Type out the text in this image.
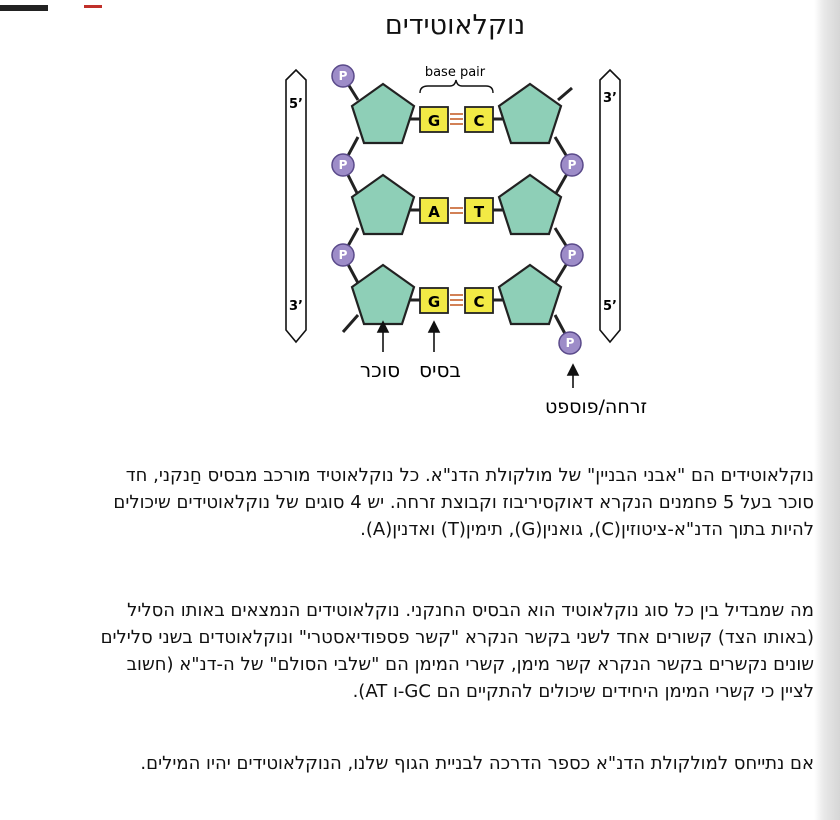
נוקלאוטידים
5’
3’
3’
5’
G C
A T
G C
P
P
P
P
P
P
base pair
סוכר בסיס
זרחה/פוספט

נוקלאוטידים הם "אבני הבניין" של מולקולת הדנ"א. כל נוקלאוטיד מורכב מבסיס חַנקני, חד סוכר בעל 5 פחמנים הנקרא דאוקסיריבוז וקבוצת זרחה. יש 4 סוגים של נוקלאוטידים שיכולים להיות בתוך הדנ"א-ציטוזין(C), גואנין(G), תימין(T) ואדנין(A).

מה שמבדיל בין כל סוג נוקלאוטיד הוא הבסיס החנקני. נוקלאוטידים הנמצאים באותו הסליל (באותו הצד) קשורים אחד לשני בקשר הנקרא "קשר פספודיאסטרי" ונוקלאוטדים בשני סלילים שונים נקשרים בקשר הנקרא קשר מימן, קשרי המימן הם "שלבי הסולם" של ה-דנ"א (חשוב לציין כי קשרי המימן היחידים שיכולים להתקיים הם GC-ו AT).

אם נתייחס למולקולת הדנ"א כספר הדרכה לבניית הגוף שלנו, הנוקלאוטידים יהיו המילים.
